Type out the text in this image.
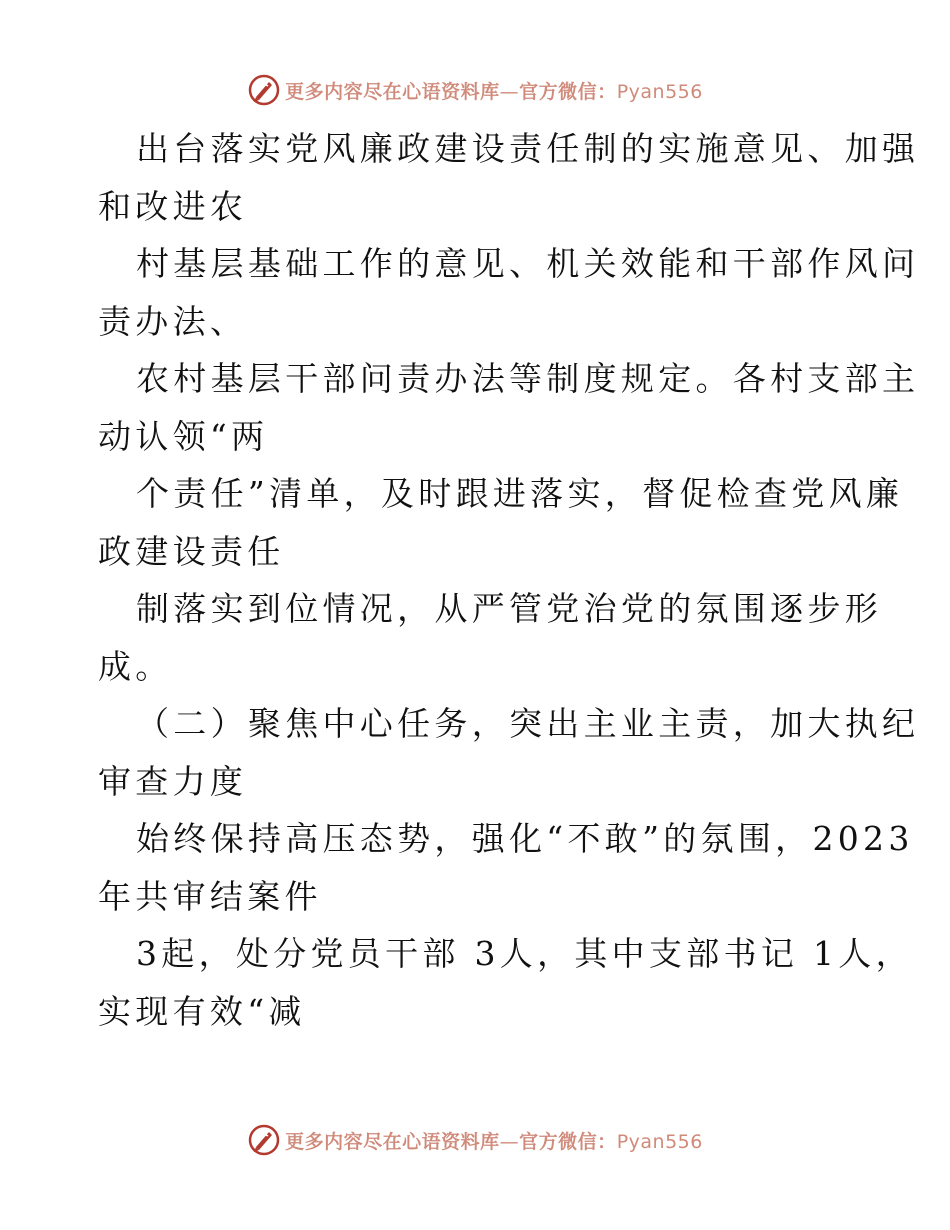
更多内容尽在心语资料库—官方微信：Pyan556
出台落实党风廉政建设责任制的实施意见、加强
和改进农
村基层基础工作的意见、机关效能和干部作风问
责办法、
农村基层干部问责办法等制度规定。各村支部主
动认领“两
个责任”清单，及时跟进落实，督促检查党风廉
政建设责任
制落实到位情况，从严管党治党的氛围逐步形
成。
（二）聚焦中心任务，突出主业主责，加大执纪
审查力度
始终保持高压态势，强化“不敢”的氛围，2023
年共审结案件
3起，处分党员干部 3人，其中支部书记 1人，
实现有效“减
更多内容尽在心语资料库—官方微信：Pyan556
